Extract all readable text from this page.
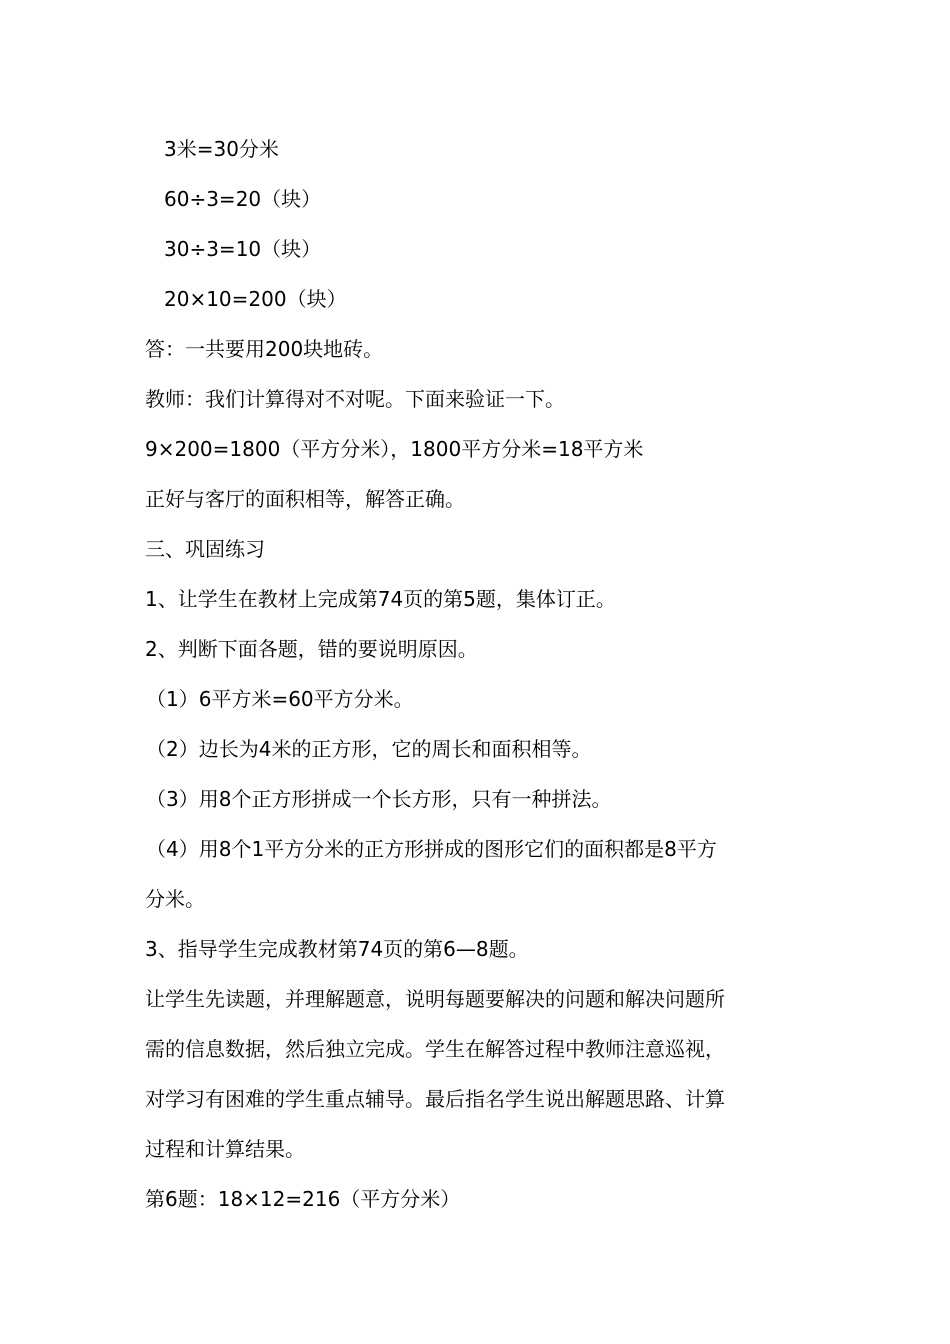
3米=30分米
60÷3=20（块）
30÷3=10（块）
20×10=200（块）
答：一共要用200块地砖。
教师：我们计算得对不对呢。下面来验证一下。
9×200=1800（平方分米），1800平方分米=18平方米
正好与客厅的面积相等，解答正确。
三、巩固练习
1、让学生在教材上完成第74页的第5题，集体订正。
2、判断下面各题，错的要说明原因。
（1）6平方米=60平方分米。
（2）边长为4米的正方形，它的周长和面积相等。
（3）用8个正方形拼成一个长方形，只有一种拼法。
（4）用8个1平方分米的正方形拼成的图形它们的面积都是8平方
分米。
3、指导学生完成教材第74页的第6—8题。
让学生先读题，并理解题意，说明每题要解决的问题和解决问题所
需的信息数据，然后独立完成。学生在解答过程中教师注意巡视，
对学习有困难的学生重点辅导。最后指名学生说出解题思路、计算
过程和计算结果。
第6题：18×12=216（平方分米）
